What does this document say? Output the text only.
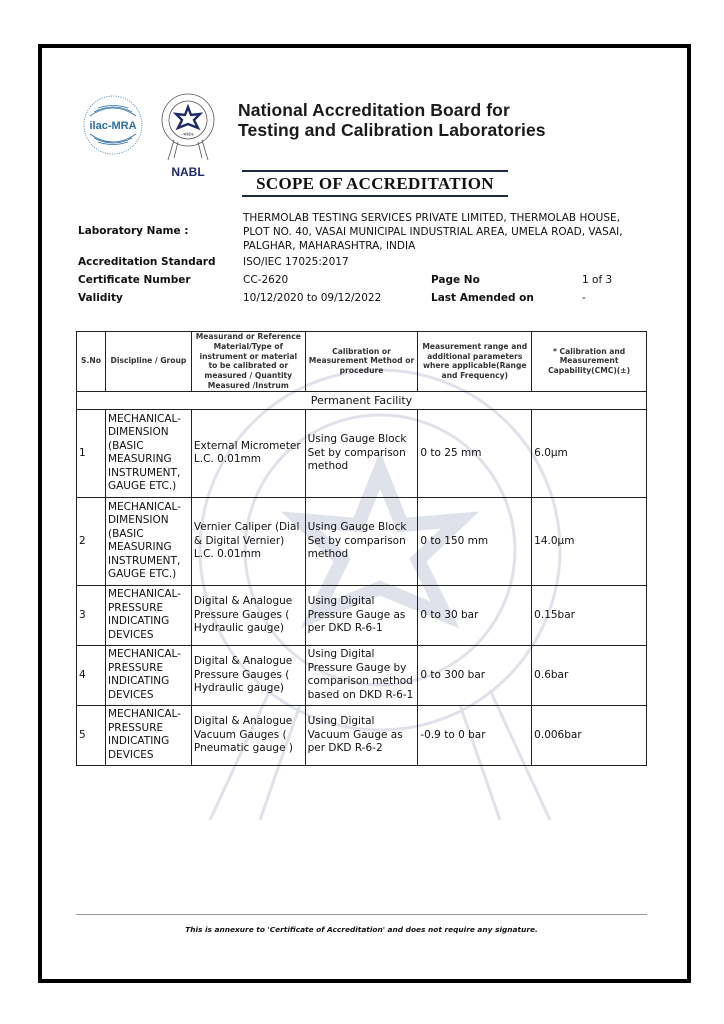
ilac-MRA
-भारत-
NABL
National Accreditation Board for
Testing and Calibration Laboratories
SCOPE OF ACCREDITATION
Laboratory Name :
THERMOLAB TESTING SERVICES PRIVATE LIMITED, THERMOLAB HOUSE, PLOT NO. 40, VASAI MUNICIPAL INDUSTRIAL AREA, UMELA ROAD, VASAI, PALGHAR, MAHARASHTRA, INDIA
Accreditation Standard	ISO/IEC 17025:2017
Certificate Number	CC-2620	Page No	1 of 3
Validity	10/12/2020 to 09/12/2022	Last Amended on	-
S.No	Discipline / Group	Measurand or Reference Material/Type of instrument or material to be calibrated or measured / Quantity Measured /Instrum	Calibration or Measurement Method or procedure	Measurement range and additional parameters where applicable(Range and Frequency)	* Calibration and Measurement Capability(CMC)(±)
Permanent Facility					
1	MECHANICAL- DIMENSION (BASIC MEASURING INSTRUMENT, GAUGE ETC.)	External Micrometer L.C. 0.01mm	Using Gauge Block Set by comparison method	0 to 25 mm	6.0µm
2	MECHANICAL- DIMENSION (BASIC MEASURING INSTRUMENT, GAUGE ETC.)	Vernier Caliper (Dial & Digital Vernier) L.C. 0.01mm	Using Gauge Block Set by comparison method	0 to 150 mm	14.0µm
3	MECHANICAL- PRESSURE INDICATING DEVICES	Digital & Analogue Pressure Gauges ( Hydraulic gauge)	Using Digital Pressure Gauge as per DKD R-6-1	0 to 30 bar	0.15bar
4	MECHANICAL- PRESSURE INDICATING DEVICES	Digital & Analogue Pressure Gauges ( Hydraulic gauge)	Using Digital Pressure Gauge by comparison method based on DKD R-6-1	0 to 300 bar	0.6bar
5	MECHANICAL- PRESSURE INDICATING DEVICES	Digital & Analogue Vacuum Gauges ( Pneumatic gauge )	Using Digital Vacuum Gauge as per DKD R-6-2	-0.9 to 0 bar	0.006bar
This is annexure to 'Certificate of Accreditation' and does not require any signature.
